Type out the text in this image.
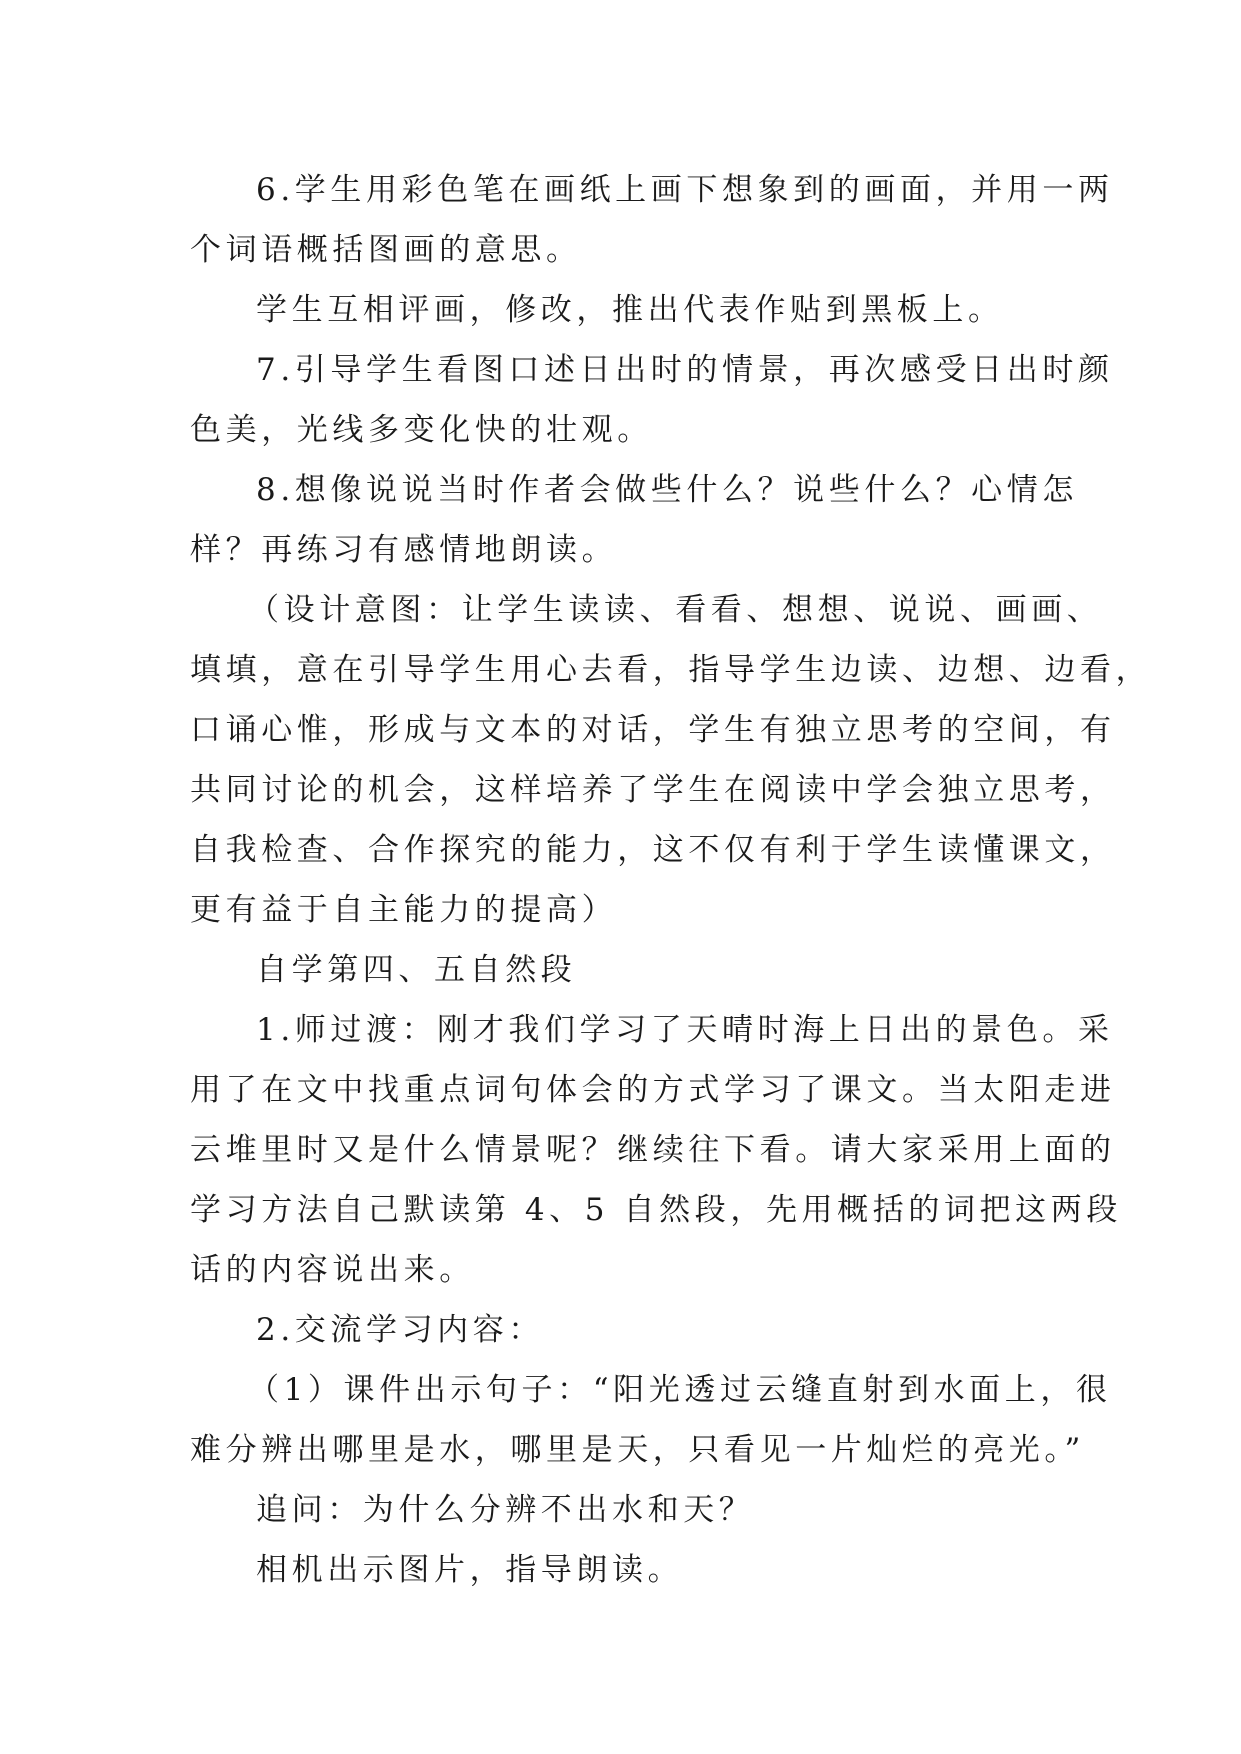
6.学生用彩色笔在画纸上画下想象到的画面，并用一两
个词语概括图画的意思。
学生互相评画，修改，推出代表作贴到黑板上。
7.引导学生看图口述日出时的情景，再次感受日出时颜
色美，光线多变化快的壮观。
8.想像说说当时作者会做些什么？说些什么？心情怎
样？再练习有感情地朗读。
（设计意图：让学生读读、看看、想想、说说、画画、
填填，意在引导学生用心去看，指导学生边读、边想、边看，
口诵心惟，形成与文本的对话，学生有独立思考的空间，有
共同讨论的机会，这样培养了学生在阅读中学会独立思考，
自我检查、合作探究的能力，这不仅有利于学生读懂课文，
更有益于自主能力的提高）
自学第四、五自然段
1.师过渡：刚才我们学习了天晴时海上日出的景色。采
用了在文中找重点词句体会的方式学习了课文。当太阳走进
云堆里时又是什么情景呢？继续往下看。请大家采用上面的
学习方法自己默读第 4、5 自然段，先用概括的词把这两段
话的内容说出来。
2.交流学习内容：
（1）课件出示句子：“阳光透过云缝直射到水面上，很
难分辨出哪里是水，哪里是天，只看见一片灿烂的亮光。”
追问：为什么分辨不出水和天？
相机出示图片，指导朗读。
